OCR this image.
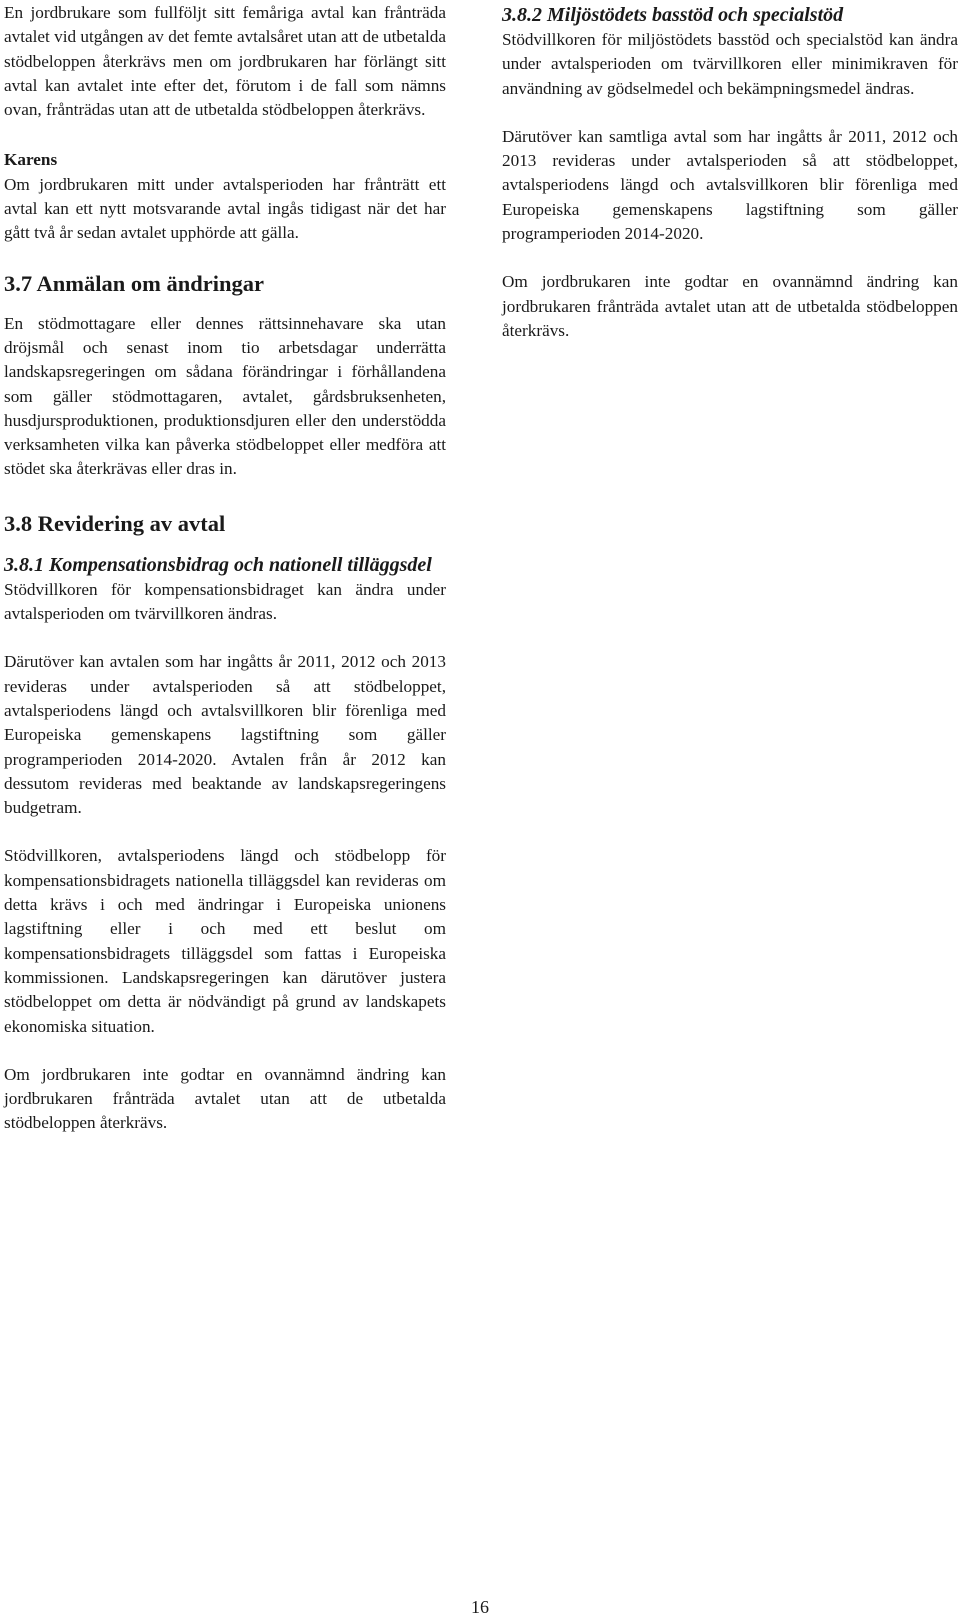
En jordbrukare som fullföljt sitt femåriga avtal kan frånträda avtalet vid utgången av det femte avtalsåret utan att de utbetalda stödbeloppen återkrävs men om jordbrukaren har förlängt sitt avtal kan avtalet inte efter det, förutom i de fall som nämns ovan, frånträdas utan att de utbetalda stödbeloppen återkrävs.

Karens

Om jordbrukaren mitt under avtalsperioden har frånträtt ett avtal kan ett nytt motsvarande avtal ingås tidigast när det har gått två år sedan avtalet upphörde att gälla.

3.7 Anmälan om ändringar

En stödmottagare eller dennes rättsinnehavare ska utan dröjsmål och senast inom tio arbetsdagar underrätta landskapsregeringen om sådana förändringar i förhållandena som gäller stödmottagaren, avtalet, gårdsbruksenheten, husdjursproduktionen, produktionsdjuren eller den understödda verksamheten vilka kan påverka stödbeloppet eller medföra att stödet ska återkrävas eller dras in.

3.8 Revidering av avtal
3.8.1 Kompensationsbidrag och nationell tilläggsdel

Stödvillkoren för kompensationsbidraget kan ändra under avtalsperioden om tvärvillkoren ändras.

Därutöver kan avtalen som har ingåtts år 2011, 2012 och 2013 revideras under avtalsperioden så att stödbeloppet, avtalsperiodens längd och avtalsvillkoren blir förenliga med Europeiska gemenskapens lagstiftning som gäller programperioden 2014-2020. Avtalen från år 2012 kan dessutom revideras med beaktande av landskapsregeringens budgetram.

Stödvillkoren, avtalsperiodens längd och stödbelopp för kompensationsbidragets nationella tilläggsdel kan revideras om detta krävs i och med ändringar i Europeiska unionens lagstiftning eller i och med ett beslut om kompensationsbidragets tilläggsdel som fattas i Europeiska kommissionen. Landskapsregeringen kan därutöver justera stödbeloppet om detta är nödvändigt på grund av landskapets ekonomiska situation.

Om jordbrukaren inte godtar en ovannämnd ändring kan jordbrukaren frånträda avtalet utan att de utbetalda stödbeloppen återkrävs.

3.8.2 Miljöstödets basstöd och specialstöd

Stödvillkoren för miljöstödets basstöd och specialstöd kan ändra under avtalsperioden om tvärvillkoren eller minimikraven för användning av gödselmedel och bekämpningsmedel ändras.

Därutöver kan samtliga avtal som har ingåtts år 2011, 2012 och 2013 revideras under avtalsperioden så att stödbeloppet, avtalsperiodens längd och avtalsvillkoren blir förenliga med Europeiska gemenskapens lagstiftning som gäller programperioden 2014-2020.

Om jordbrukaren inte godtar en ovannämnd ändring kan jordbrukaren frånträda avtalet utan att de utbetalda stödbeloppen återkrävs.

16
